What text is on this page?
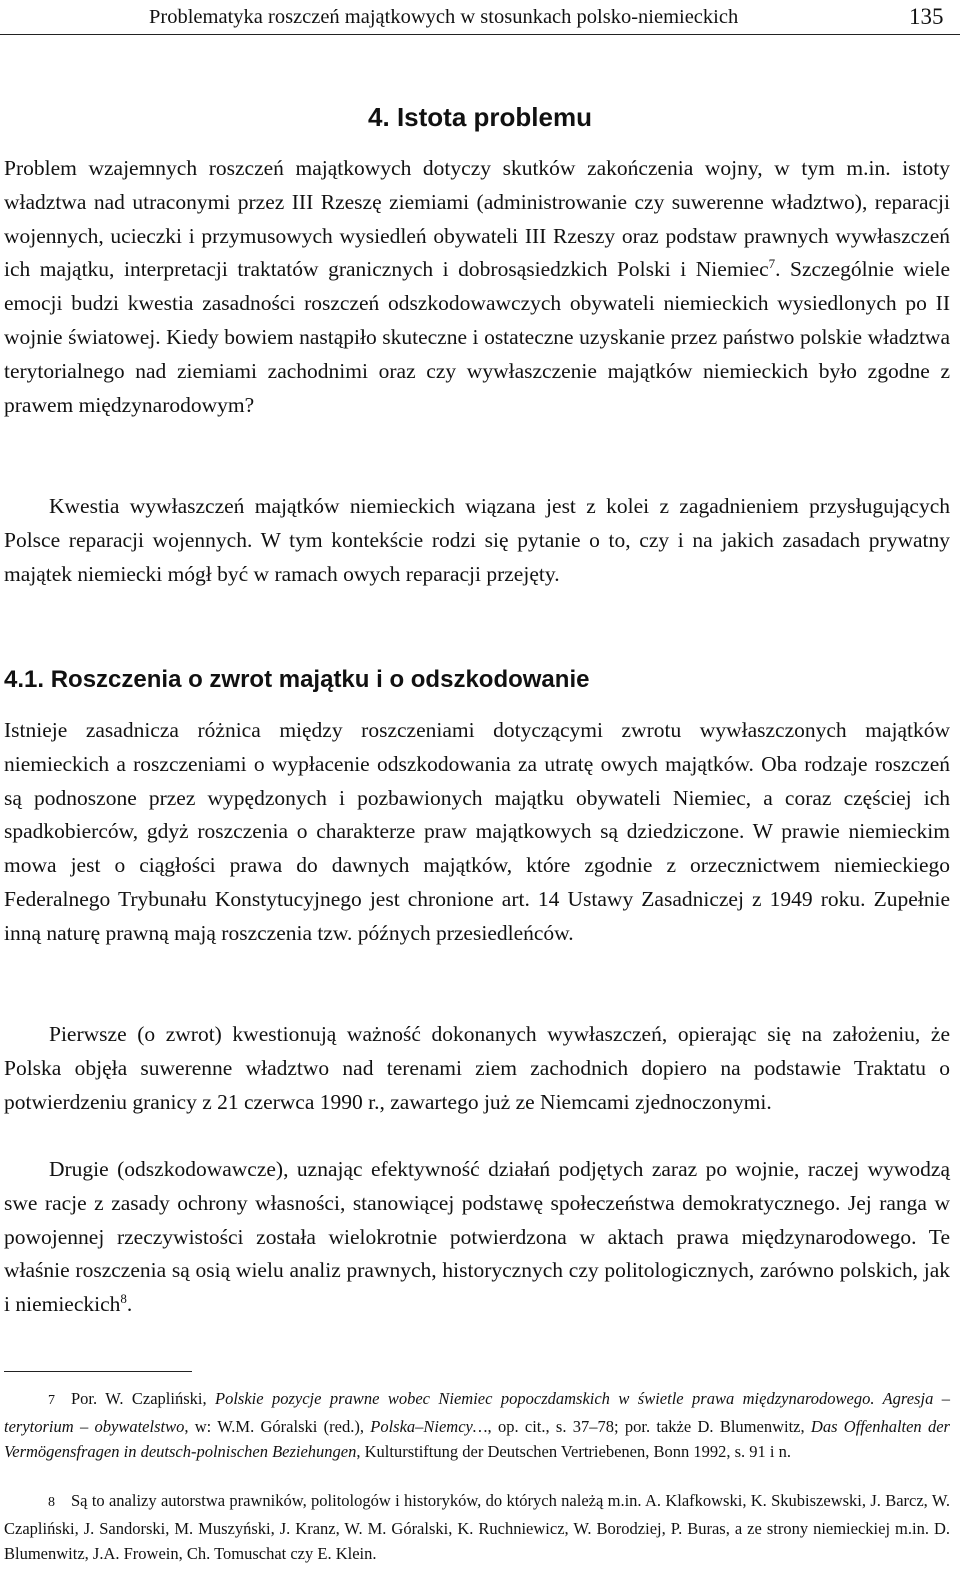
Problematyka roszczeń majątkowych w stosunkach polsko-niemieckich	135
4. Istota problemu

Problem wzajemnych roszczeń majątkowych dotyczy skutków zakończenia wojny, w tym m.in. istoty władztwa nad utraconymi przez III Rzeszę ziemiami (administrowanie czy suwerenne władztwo), reparacji wojennych, ucieczki i przymusowych wysiedleń obywateli III Rzeszy oraz podstaw prawnych wywłaszczeń ich majątku, interpretacji traktatów granicznych i dobrosąsiedzkich Polski i Niemiec$^7$. Szczególnie wiele emocji budzi kwestia zasadności roszczeń odszkodowawczych obywateli niemieckich wysiedlonych po II wojnie światowej. Kiedy bowiem nastąpiło skuteczne i ostateczne uzyskanie przez państwo polskie władztwa terytorialnego nad ziemiami zachodnimi oraz czy wywłaszczenie majątków niemieckich było zgodne z prawem międzynarodowym?

Kwestia wywłaszczeń majątków niemieckich wiązana jest z kolei z zagadnieniem przysługujących Polsce reparacji wojennych. W tym kontekście rodzi się pytanie o to, czy i na jakich zasadach prywatny majątek niemiecki mógł być w ramach owych reparacji przejęty.

4.1. Roszczenia o zwrot majątku i o odszkodowanie

Istnieje zasadnicza różnica między roszczeniami dotyczącymi zwrotu wywłaszczonych majątków niemieckich a roszczeniami o wypłacenie odszkodowania za utratę owych majątków. Oba rodzaje roszczeń są podnoszone przez wypędzonych i pozbawionych majątku obywateli Niemiec, a coraz częściej ich spadkobierców, gdyż roszczenia o charakterze praw majątkowych są dziedziczone. W prawie niemieckim mowa jest o ciągłości prawa do dawnych majątków, które zgodnie z orzecznictwem niemieckiego Federalnego Trybunału Konstytucyjnego jest chronione art. 14 Ustawy Zasadniczej z 1949 roku. Zupełnie inną naturę prawną mają roszczenia tzw. późnych przesiedleńców.

Pierwsze (o zwrot) kwestionują ważność dokonanych wywłaszczeń, opierając się na założeniu, że Polska objęła suwerenne władztwo nad terenami ziem zachodnich dopiero na podstawie Traktatu o potwierdzeniu granicy z 21 czerwca 1990 r., zawartego już ze Niemcami zjednoczonymi.

Drugie (odszkodowawcze), uznając efektywność działań podjętych zaraz po wojnie, raczej wywodzą swe racje z zasady ochrony własności, stanowiącej podstawę społeczeństwa demokratycznego. Jej ranga w powojennej rzeczywistości została wielokrotnie potwierdzona w aktach prawa międzynarodowego. Te właśnie roszczenia są osią wielu analiz prawnych, historycznych czy politologicznych, zarówno polskich, jak i niemieckich$^8$.

7 Por. W. Czapliński, Polskie pozycje prawne wobec Niemiec popoczdamskich w świetle prawa międzynarodowego. Agresja – terytorium – obywatelstwo, w: W.M. Góralski (red.), Polska–Niemcy…, op. cit., s. 37–78; por. także D. Blumenwitz, Das Offenhalten der Vermögensfragen in deutsch-polnischen Beziehungen, Kulturstiftung der Deutschen Vertriebenen, Bonn 1992, s. 91 i n.

8 Są to analizy autorstwa prawników, politologów i historyków, do których należą m.in. A. Klafkowski, K. Skubiszewski, J. Barcz, W. Czapliński, J. Sandorski, M. Muszyński, J. Kranz, W. M. Góralski, K. Ruchniewicz, W. Borodziej, P. Buras, a ze strony niemieckiej m.in. D. Blumenwitz, J.A. Frowein, Ch. Tomuschat czy E. Klein.
